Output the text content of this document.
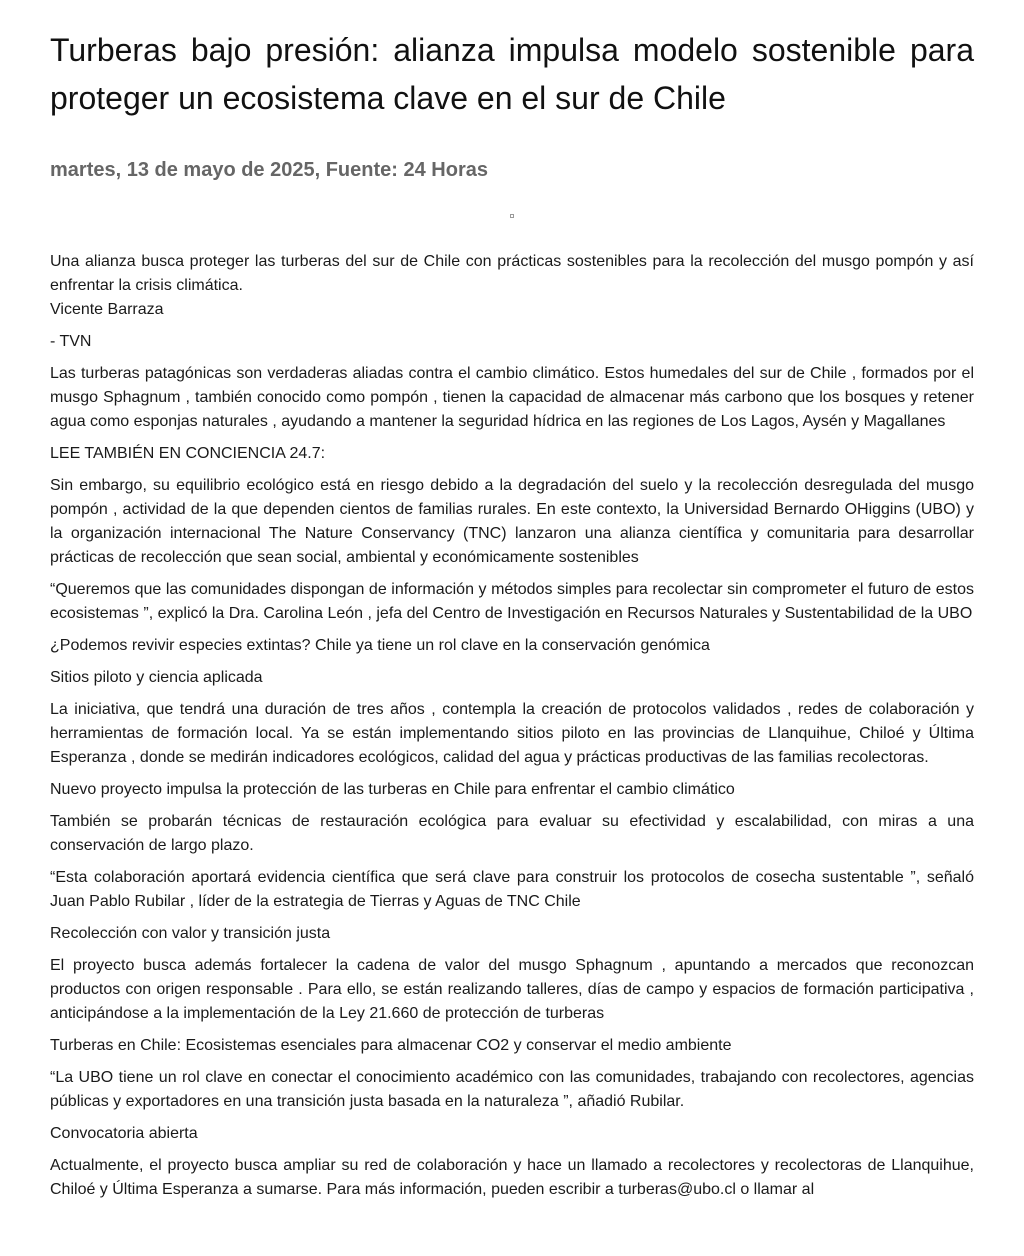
Turberas bajo presión: alianza impulsa modelo sostenible para proteger un ecosistema clave en el sur de Chile
martes, 13 de mayo de 2025, Fuente: 24 Horas

Una alianza busca proteger las turberas del sur de Chile con prácticas sostenibles para la recolección del musgo pompón y así enfrentar la crisis climática.

Vicente Barraza

- TVN

Las turberas patagónicas son verdaderas aliadas contra el cambio climático. Estos humedales del sur de Chile , formados por el musgo Sphagnum , también conocido como pompón , tienen la capacidad de almacenar más carbono que los bosques y retener agua como esponjas naturales , ayudando a mantener la seguridad hídrica en las regiones de Los Lagos, Aysén y Magallanes

LEE TAMBIÉN EN CONCIENCIA 24.7:

Sin embargo, su equilibrio ecológico está en riesgo debido a la degradación del suelo y la recolección desregulada del musgo pompón , actividad de la que dependen cientos de familias rurales. En este contexto, la Universidad Bernardo OHiggins (UBO) y la organización internacional The Nature Conservancy (TNC) lanzaron una alianza científica y comunitaria para desarrollar prácticas de recolección que sean social, ambiental y económicamente sostenibles

“Queremos que las comunidades dispongan de información y métodos simples para recolectar sin comprometer el futuro de estos ecosistemas ”, explicó la Dra. Carolina León , jefa del Centro de Investigación en Recursos Naturales y Sustentabilidad de la UBO

¿Podemos revivir especies extintas? Chile ya tiene un rol clave en la conservación genómica

Sitios piloto y ciencia aplicada

La iniciativa, que tendrá una duración de tres años , contempla la creación de protocolos validados , redes de colaboración y herramientas de formación local. Ya se están implementando sitios piloto en las provincias de Llanquihue, Chiloé y Última Esperanza , donde se medirán indicadores ecológicos, calidad del agua y prácticas productivas de las familias recolectoras.

Nuevo proyecto impulsa la protección de las turberas en Chile para enfrentar el cambio climático

También se probarán técnicas de restauración ecológica para evaluar su efectividad y escalabilidad, con miras a una conservación de largo plazo.

“Esta colaboración aportará evidencia científica que será clave para construir los protocolos de cosecha sustentable ”, señaló Juan Pablo Rubilar , líder de la estrategia de Tierras y Aguas de TNC Chile

Recolección con valor y transición justa

El proyecto busca además fortalecer la cadena de valor del musgo Sphagnum , apuntando a mercados que reconozcan productos con origen responsable . Para ello, se están realizando talleres, días de campo y espacios de formación participativa , anticipándose a la implementación de la Ley 21.660 de protección de turberas

Turberas en Chile: Ecosistemas esenciales para almacenar CO2 y conservar el medio ambiente

“La UBO tiene un rol clave en conectar el conocimiento académico con las comunidades, trabajando con recolectores, agencias públicas y exportadores en una transición justa basada en la naturaleza ”, añadió Rubilar.

Convocatoria abierta

Actualmente, el proyecto busca ampliar su red de colaboración y hace un llamado a recolectores y recolectoras de Llanquihue, Chiloé y Última Esperanza a sumarse. Para más información, pueden escribir a turberas@ubo.cl o llamar al
